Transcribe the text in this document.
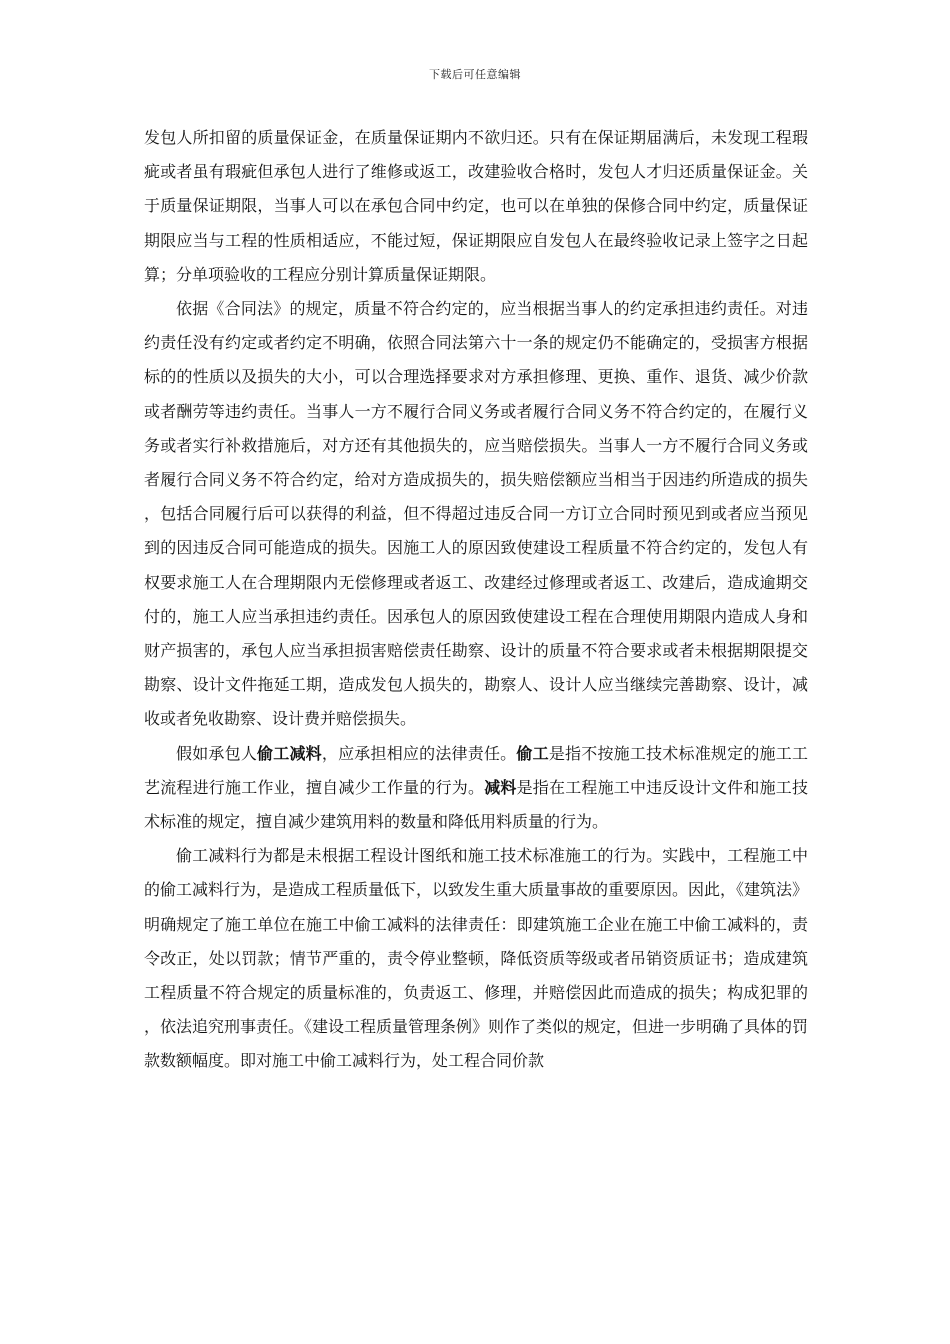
下载后可任意编辑

发包人所扣留的质量保证金，在质量保证期内不欲归还。只有在保证期届满后，未发现工程瑕疵或者虽有瑕疵但承包人进行了维修或返工，改建验收合格时，发包人才归还质量保证金。关于质量保证期限，当事人可以在承包合同中约定，也可以在单独的保修合同中约定，质量保证期限应当与工程的性质相适应，不能过短，保证期限应自发包人在最终验收记录上签字之日起算；分单项验收的工程应分别计算质量保证期限。

依据《合同法》的规定，质量不符合约定的，应当根据当事人的约定承担违约责任。对违约责任没有约定或者约定不明确，依照合同法第六十一条的规定仍不能确定的，受损害方根据标的的性质以及损失的大小，可以合理选择要求对方承担修理、更换、重作、退货、减少价款或者酬劳等违约责任。当事人一方不履行合同义务或者履行合同义务不符合约定的，在履行义务或者实行补救措施后，对方还有其他损失的，应当赔偿损失。当事人一方不履行合同义务或者履行合同义务不符合约定，给对方造成损失的，损失赔偿额应当相当于因违约所造成的损失，包括合同履行后可以获得的利益，但不得超过违反合同一方订立合同时预见到或者应当预见到的因违反合同可能造成的损失。因施工人的原因致使建设工程质量不符合约定的，发包人有权要求施工人在合理期限内无偿修理或者返工、改建经过修理或者返工、改建后，造成逾期交付的，施工人应当承担违约责任。因承包人的原因致使建设工程在合理使用期限内造成人身和财产损害的，承包人应当承担损害赔偿责任勘察、设计的质量不符合要求或者未根据期限提交勘察、设计文件拖延工期，造成发包人损失的，勘察人、设计人应当继续完善勘察、设计，减收或者免收勘察、设计费并赔偿损失。

假如承包人偷工减料，应承担相应的法律责任。偷工是指不按施工技术标准规定的施工工艺流程进行施工作业，擅自减少工作量的行为。减料是指在工程施工中违反设计文件和施工技术标准的规定，擅自减少建筑用料的数量和降低用料质量的行为。

偷工减料行为都是未根据工程设计图纸和施工技术标准施工的行为。实践中，工程施工中的偷工减料行为，是造成工程质量低下，以致发生重大质量事故的重要原因。因此，《建筑法》明确规定了施工单位在施工中偷工减料的法律责任：即建筑施工企业在施工中偷工减料的，责令改正，处以罚款；情节严重的，责令停业整顿，降低资质等级或者吊销资质证书；造成建筑工程质量不符合规定的质量标准的，负责返工、修理，并赔偿因此而造成的损失；构成犯罪的，依法追究刑事责任。《建设工程质量管理条例》则作了类似的规定，但进一步明确了具体的罚款数额幅度。即对施工中偷工减料行为，处工程合同价款
